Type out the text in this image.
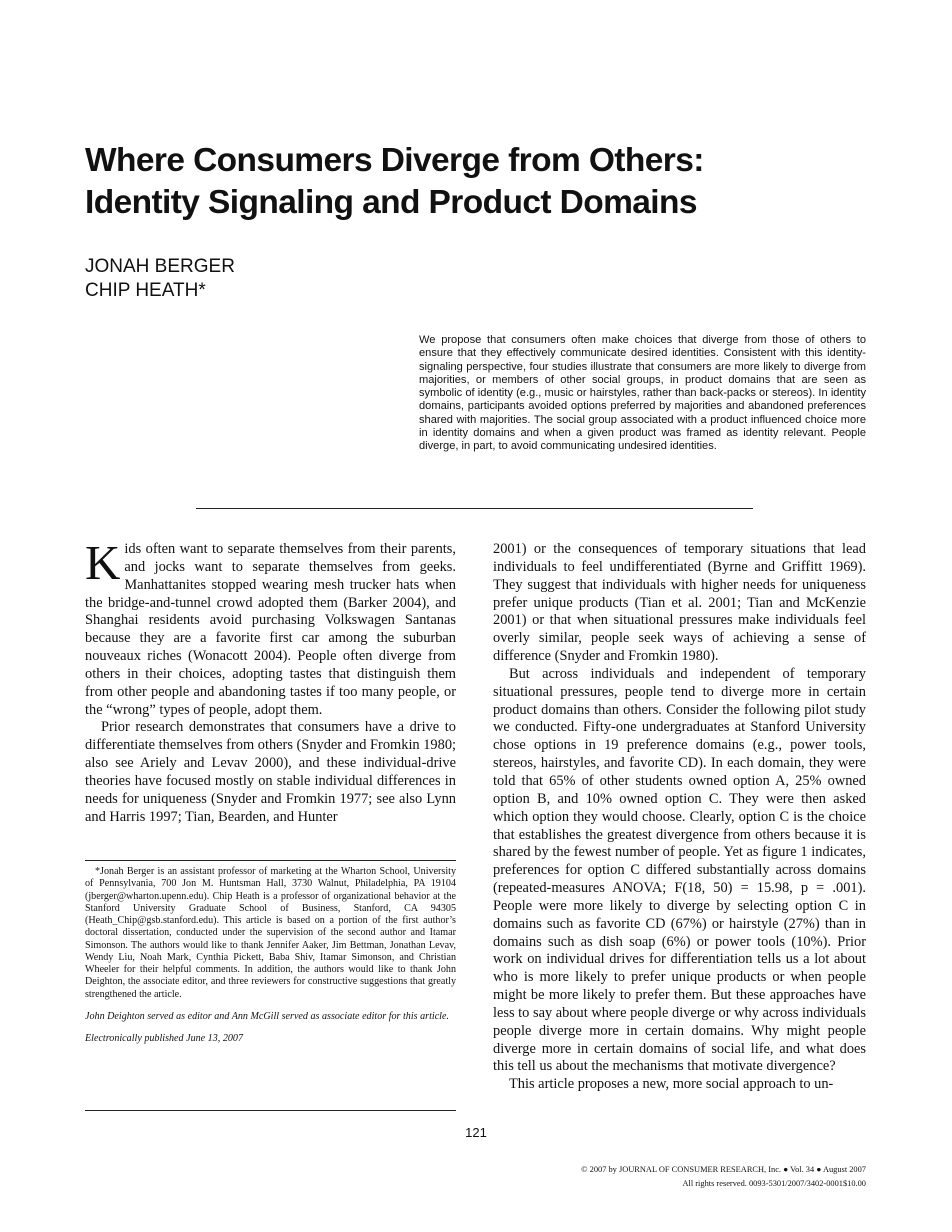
Where Consumers Diverge from Others:
Identity Signaling and Product Domains
JONAH BERGER
CHIP HEATH*

We propose that consumers often make choices that diverge from those of others to ensure that they effectively communicate desired identities. Consistent with this identity-signaling perspective, four studies illustrate that consumers are more likely to diverge from majorities, or members of other social groups, in product domains that are seen as symbolic of identity (e.g., music or hairstyles, rather than back-packs or stereos). In identity domains, participants avoided options preferred by majorities and abandoned preferences shared with majorities. The social group associated with a product influenced choice more in identity domains and when a given product was framed as identity relevant. People diverge, in part, to avoid communicating undesired identities.

Kids often want to separate themselves from their parents, and jocks want to separate themselves from geeks. Manhattanites stopped wearing mesh trucker hats when the bridge-and-tunnel crowd adopted them (Barker 2004), and Shanghai residents avoid purchasing Volkswagen Santanas because they are a favorite first car among the suburban nouveaux riches (Wonacott 2004). People often diverge from others in their choices, adopting tastes that distinguish them from other people and abandoning tastes if too many people, or the “wrong” types of people, adopt them.

Prior research demonstrates that consumers have a drive to differentiate themselves from others (Snyder and Fromkin 1980; also see Ariely and Levav 2000), and these individual-drive theories have focused mostly on stable individual differences in needs for uniqueness (Snyder and Fromkin 1977; see also Lynn and Harris 1997; Tian, Bearden, and Hunter

*Jonah Berger is an assistant professor of marketing at the Wharton School, University of Pennsylvania, 700 Jon M. Huntsman Hall, 3730 Walnut, Philadelphia, PA 19104 (jberger@wharton.upenn.edu). Chip Heath is a professor of organizational behavior at the Stanford University Graduate School of Business, Stanford, CA 94305 (Heath_Chip@gsb.stanford.edu). This article is based on a portion of the first author’s doctoral dissertation, conducted under the supervision of the second author and Itamar Simonson. The authors would like to thank Jennifer Aaker, Jim Bettman, Jonathan Levav, Wendy Liu, Noah Mark, Cynthia Pickett, Baba Shiv, Itamar Simonson, and Christian Wheeler for their helpful comments. In addition, the authors would like to thank John Deighton, the associate editor, and three reviewers for constructive suggestions that greatly strengthened the article.

John Deighton served as editor and Ann McGill served as associate editor for this article.

Electronically published June 13, 2007

2001) or the consequences of temporary situations that lead individuals to feel undifferentiated (Byrne and Griffitt 1969). They suggest that individuals with higher needs for uniqueness prefer unique products (Tian et al. 2001; Tian and McKenzie 2001) or that when situational pressures make individuals feel overly similar, people seek ways of achieving a sense of difference (Snyder and Fromkin 1980).

But across individuals and independent of temporary situational pressures, people tend to diverge more in certain product domains than others. Consider the following pilot study we conducted. Fifty-one undergraduates at Stanford University chose options in 19 preference domains (e.g., power tools, stereos, hairstyles, and favorite CD). In each domain, they were told that 65% of other students owned option A, 25% owned option B, and 10% owned option C. They were then asked which option they would choose. Clearly, option C is the choice that establishes the greatest divergence from others because it is shared by the fewest number of people. Yet as figure 1 indicates, preferences for option C differed substantially across domains (repeated-measures ANOVA; F(18, 50) = 15.98, p = .001). People were more likely to diverge by selecting option C in domains such as favorite CD (67%) or hairstyle (27%) than in domains such as dish soap (6%) or power tools (10%). Prior work on individual drives for differentiation tells us a lot about who is more likely to prefer unique products or when people might be more likely to prefer them. But these approaches have less to say about where people diverge or why across individuals people diverge more in certain domains. Why might people diverge more in certain domains of social life, and what does this tell us about the mechanisms that motivate divergence?

This article proposes a new, more social approach to un-

121
© 2007 by JOURNAL OF CONSUMER RESEARCH, Inc. ● Vol. 34 ● August 2007
All rights reserved. 0093-5301/2007/3402-0001$10.00
